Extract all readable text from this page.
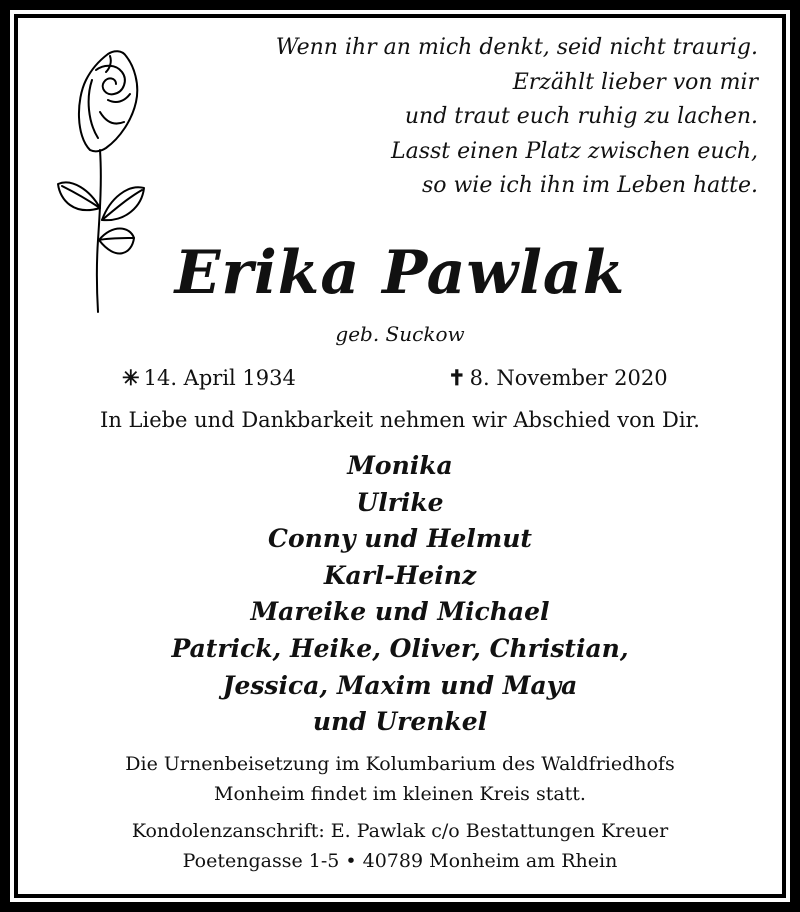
Wenn ihr an mich denkt, seid nicht traurig.
Erzählt lieber von mir
und traut euch ruhig zu lachen.
Lasst einen Platz zwischen euch,
so wie ich ihn im Leben hatte.
Erika Pawlak
geb. Suckow
✳ 14. April 1934	✝ 8. November 2020
In Liebe und Dankbarkeit nehmen wir Abschied von Dir.
Monika
Ulrike
Conny und Helmut
Karl-Heinz
Mareike und Michael
Patrick, Heike, Oliver, Christian,
Jessica, Maxim und Maya
und Urenkel
Die Urnenbeisetzung im Kolumbarium des Waldfriedhofs
Monheim findet im kleinen Kreis statt.
Kondolenzanschrift: E. Pawlak c/o Bestattungen Kreuer
Poetengasse 1-5 • 40789 Monheim am Rhein
